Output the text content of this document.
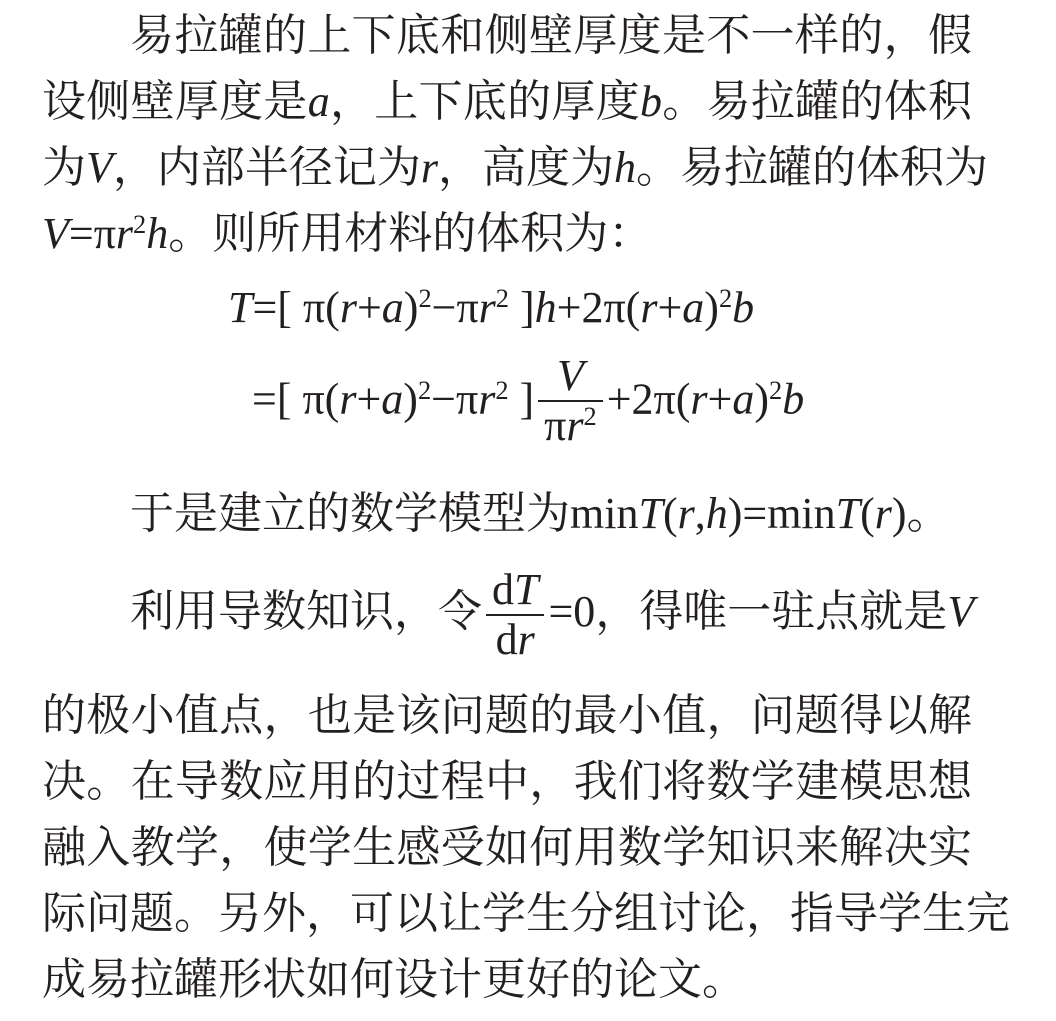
易拉罐的上下底和侧壁厚度是不一样的，假
设侧壁厚度是a，上下底的厚度b。易拉罐的体积
为V，内部半径记为r，高度为h。易拉罐的体积为
$V=\pi r^2h$。则所用材料的体积为：
T=[ $\pi(r+a)^2-\pi r^2$ ]$h+2\pi(r+a)^2b$
=[ $\pi(r+a)^2-\pi r^2$ ] $\frac{V}{\pi r^2} +2\pi(r+a)^2b$
于是建立的数学模型为minT(r,h)=minT(r)。
利用导数知识，令 $\frac{dT}{dr} =0$，得唯一驻点就是V
的极小值点，也是该问题的最小值，问题得以解
决。在导数应用的过程中，我们将数学建模思想
融入教学，使学生感受如何用数学知识来解决实
际问题。另外，可以让学生分组讨论，指导学生完
成易拉罐形状如何设计更好的论文。
